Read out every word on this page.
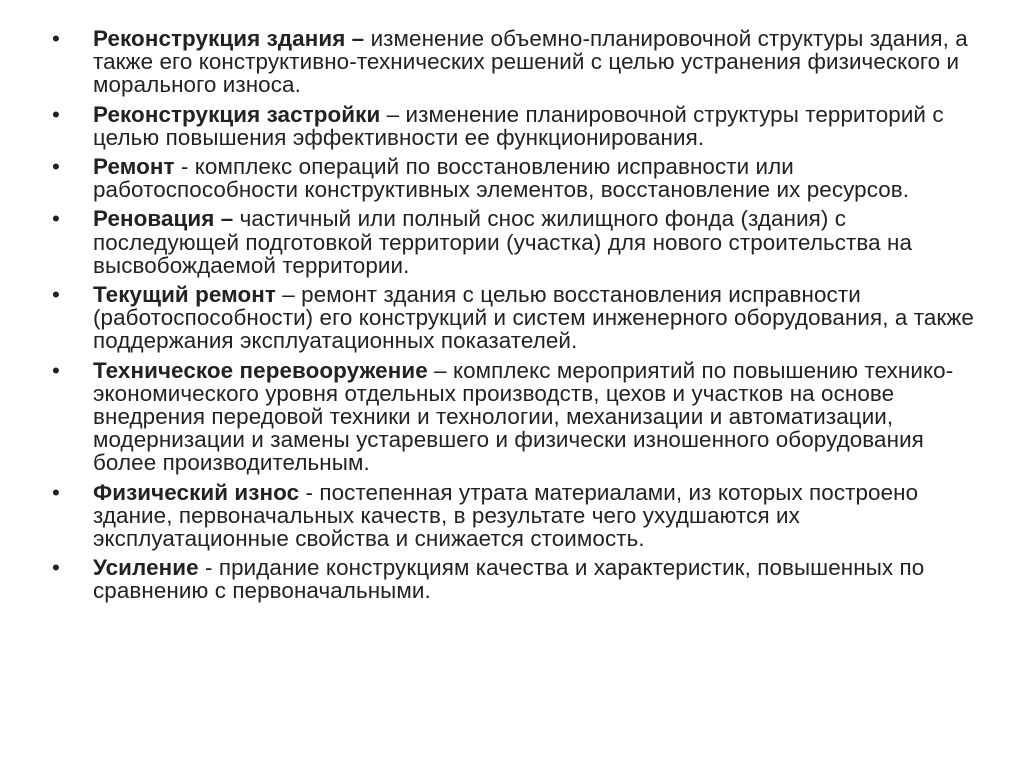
•	Реконструкция здания – изменение объемно-планировочной структуры здания, а также его конструктивно-технических решений с целью устранения физического и морального износа.
•	Реконструкция застройки – изменение планировочной структуры территорий с целью повышения эффективности ее функционирования.
•	Ремонт - комплекс операций по восстановлению исправности или работоспособности конструктивных элементов, восстановление их ресурсов.
•	Реновация – частичный или полный снос жилищного фонда (здания) с последующей подготовкой территории (участка) для нового строительства на высвобождаемой территории.
•	Текущий ремонт – ремонт здания с целью восстановления исправности (работоспособности) его конструкций и систем инженерного оборудования, а также поддержания эксплуатационных показателей.
•	Техническое перевооружение – комплекс мероприятий по повышению технико-экономического уровня отдельных производств, цехов и участков на основе внедрения передовой техники и технологии, механизации и автоматизации, модернизации и замены устаревшего и физически изношенного оборудования более производительным.
•	Физический износ - постепенная утрата материалами, из которых построено здание, первоначальных качеств, в результате чего ухудшаются их эксплуатационные свойства и снижается стоимость.
•	Усиление - придание конструкциям качества и характеристик, повышенных по сравнению с первоначальными.
